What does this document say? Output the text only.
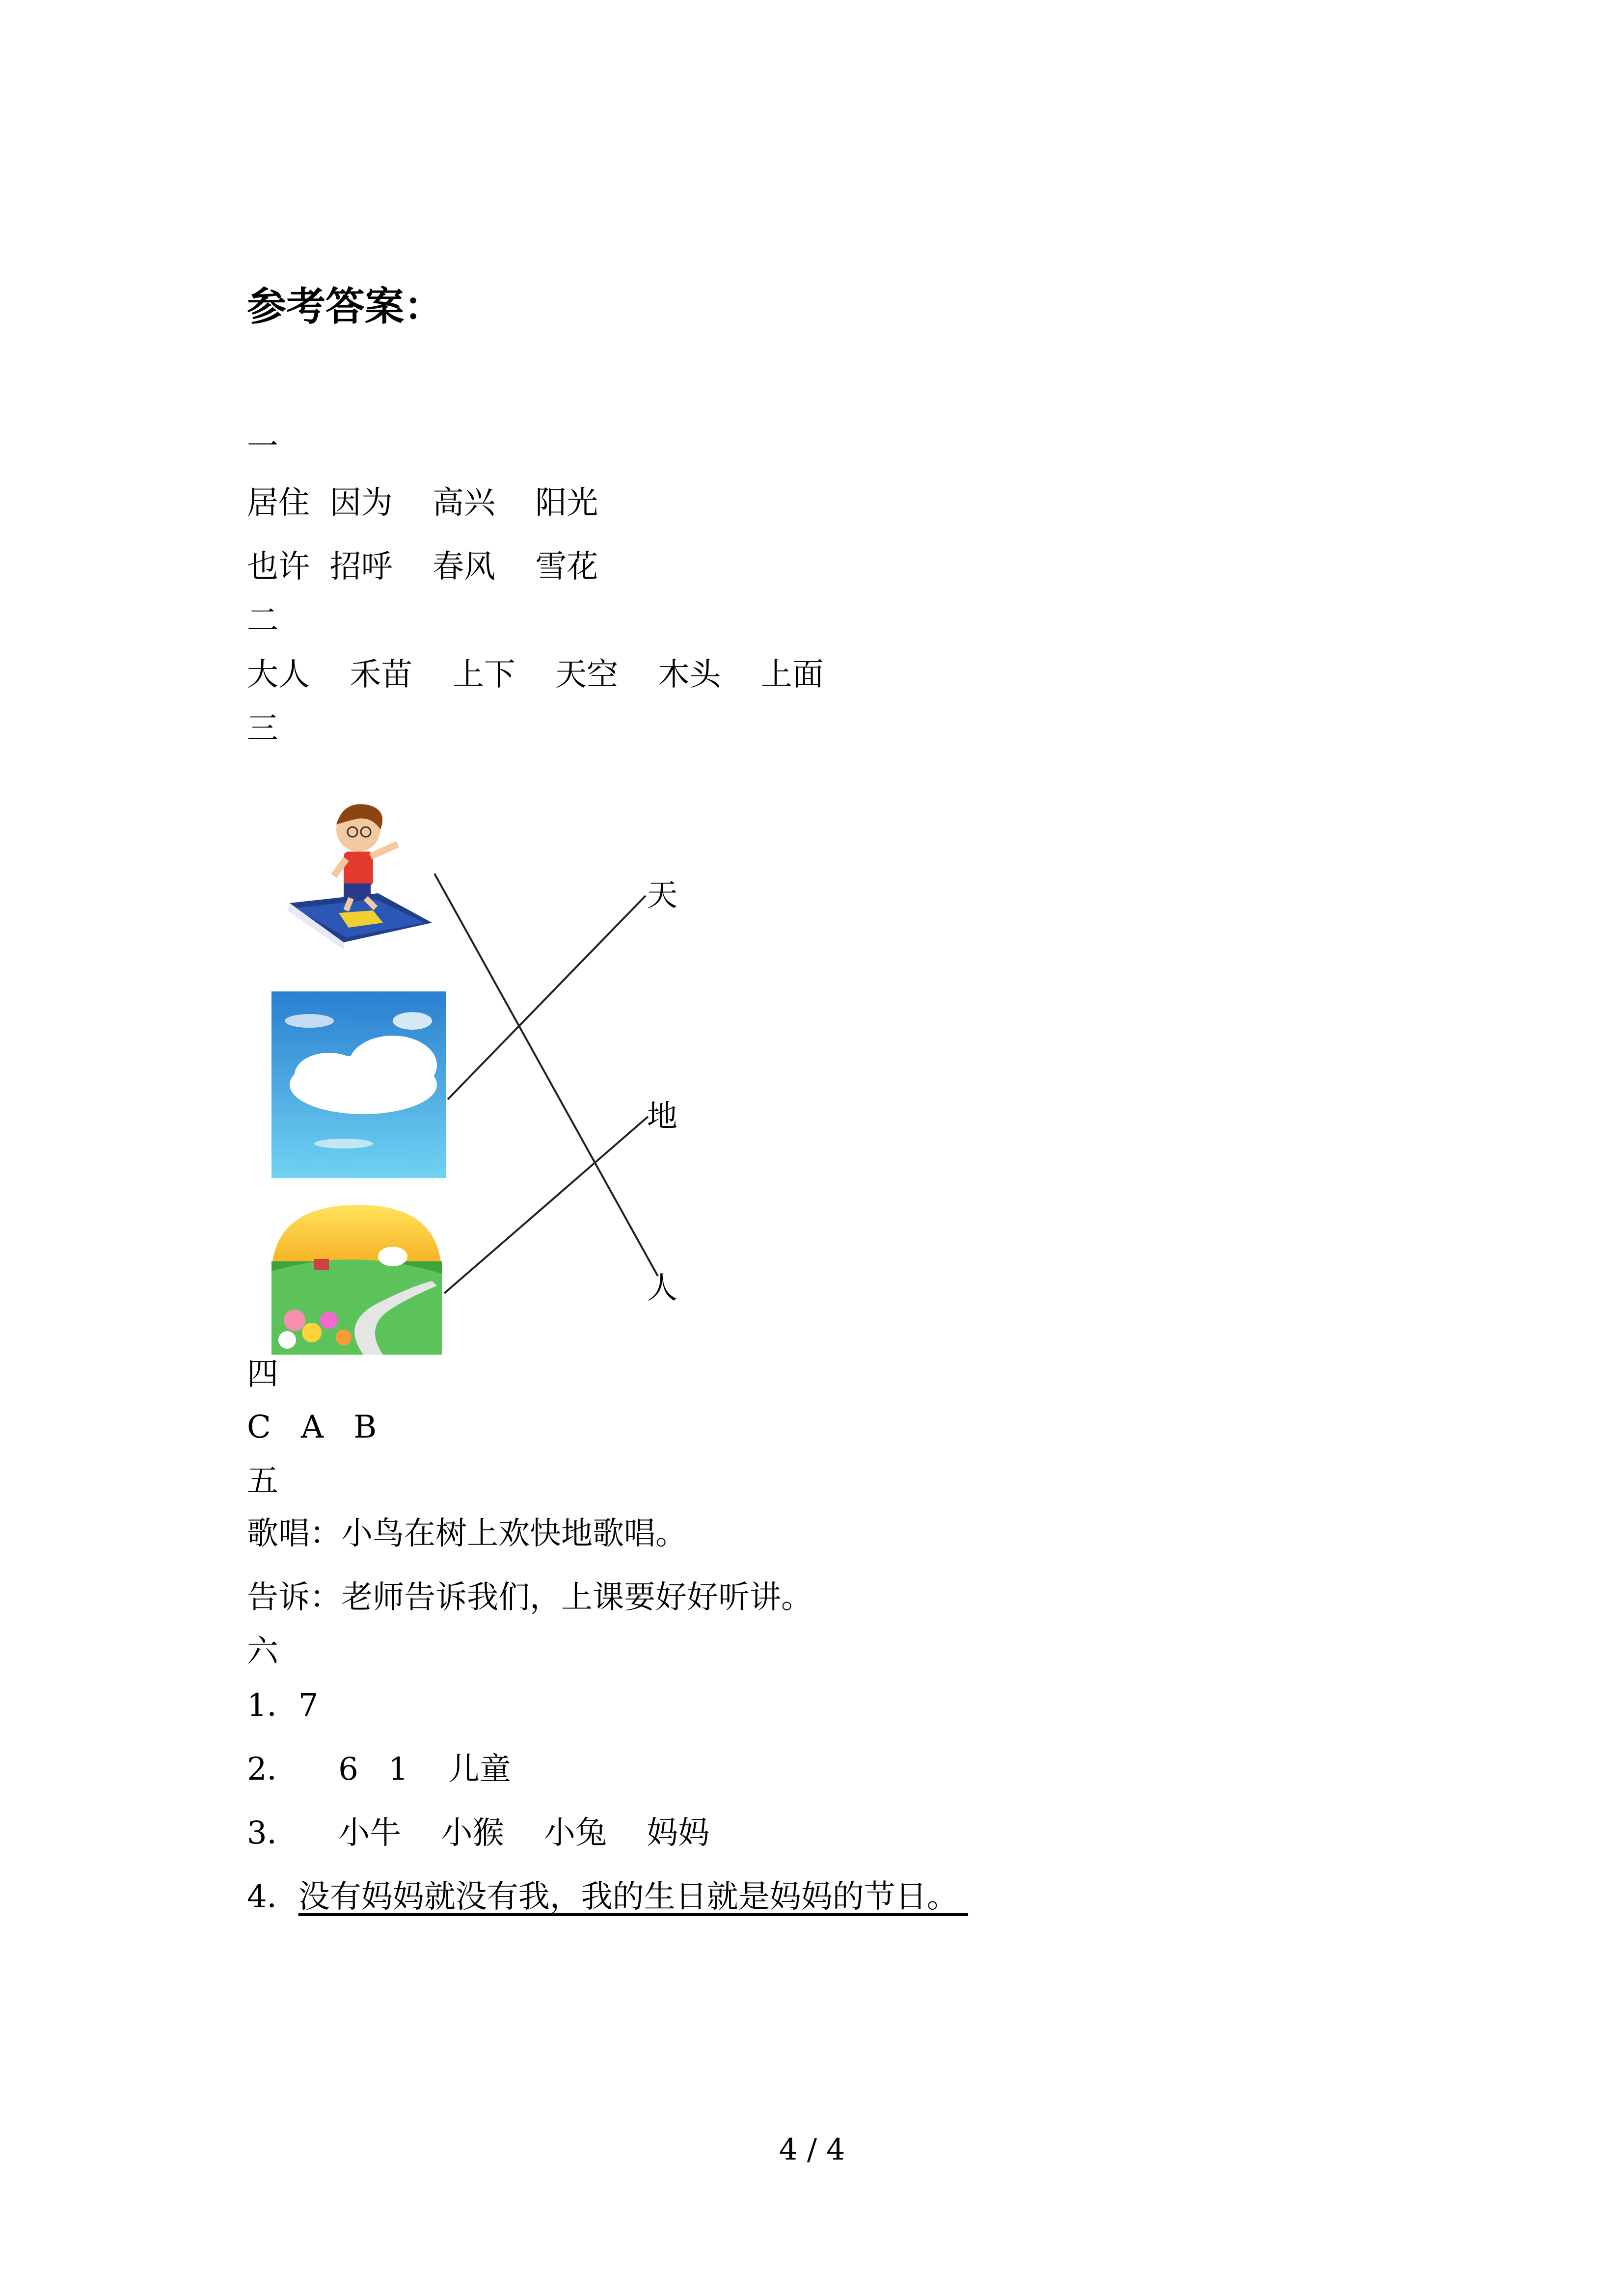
参考答案：
一
居住  因为    高兴    阳光
也许  招呼    春风    雪花
二
大人    禾苗    上下    天空    木头    上面
三
天
地
人
四
C   A   B
五
歌唱：小鸟在树上欢快地歌唱。
告诉：老师告诉我们，上课要好好听讲。
六
1．7
2．    6   1    儿童
3．    小牛    小猴    小兔    妈妈
4．没有妈妈就没有我，我的生日就是妈妈的节日。
4 / 4
